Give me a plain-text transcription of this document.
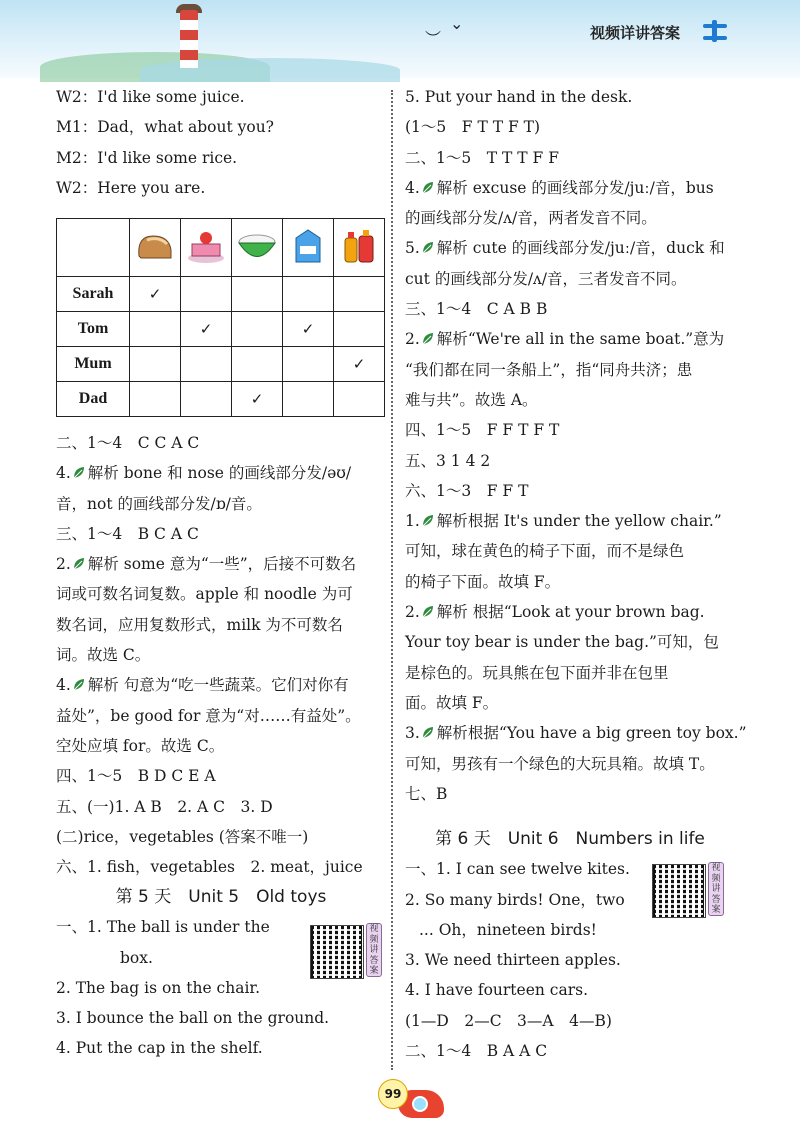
︶
⌄	视频详讲答案
W2：I'd like some juice.
M1：Dad，what about you?
M2：I'd like some rice.
W2：Here you are.

Sarah	✓				
Tom		✓		✓	
Mum					✓
Dad			✓		
二、1～4　C C A C
4. 解析 bone 和 nose 的画线部分发/əʊ/
音，not 的画线部分发/ɒ/音。
三、1～4　B C A C
2. 解析 some 意为“一些”，后接不可数名
词或可数名词复数。apple 和 noodle 为可
数名词，应用复数形式，milk 为不可数名
词。故选 C。
4. 解析 句意为“吃一些蔬菜。它们对你有
益处”，be good for 意为“对……有益处”。
空处应填 for。故选 C。
四、1～5　B D C E A
五、(一)1. A B　2. A C　3. D
(二)rice，vegetables (答案不唯一)
六、1. fish，vegetables　2. meat，juice
第 5 天　Unit 5　Old toys
一、1. The ball is under the
box.
2. The bag is on the chair.
3. I bounce the ball on the ground.
4. Put the cap in the shelf.
视频讲答案
5. Put your hand in the desk.
(1～5　F T T F T)
二、1～5　T T T F F
4. 解析 excuse 的画线部分发/juː/音，bus
的画线部分发/ʌ/音，两者发音不同。
5. 解析 cute 的画线部分发/juː/音，duck 和
cut 的画线部分发/ʌ/音，三者发音不同。
三、1～4　C A B B
2. 解析“We're all in the same boat.”意为
“我们都在同一条船上”，指“同舟共济；患
难与共”。故选 A。
四、1～5　F F T F T
五、3 1 4 2
六、1～3　F F T
1. 解析根据 It's under the yellow chair.”
可知，球在黄色的椅子下面，而不是绿色
的椅子下面。故填 F。
2. 解析 根据“Look at your brown bag.
Your toy bear is under the bag.”可知，包
是棕色的。玩具熊在包下面并非在包里
面。故填 F。
3. 解析根据“You have a big green toy box.”
可知，男孩有一个绿色的大玩具箱。故填 T。
七、B
第 6 天　Unit 6　Numbers in life
一、1. I can see twelve kites.
2. So many birds! One，two
... Oh，nineteen birds!
3. We need thirteen apples.
4. I have fourteen cars.
(1—D　2—C　3—A　4—B)
二、1～4　B A A C
视频讲答案
99
